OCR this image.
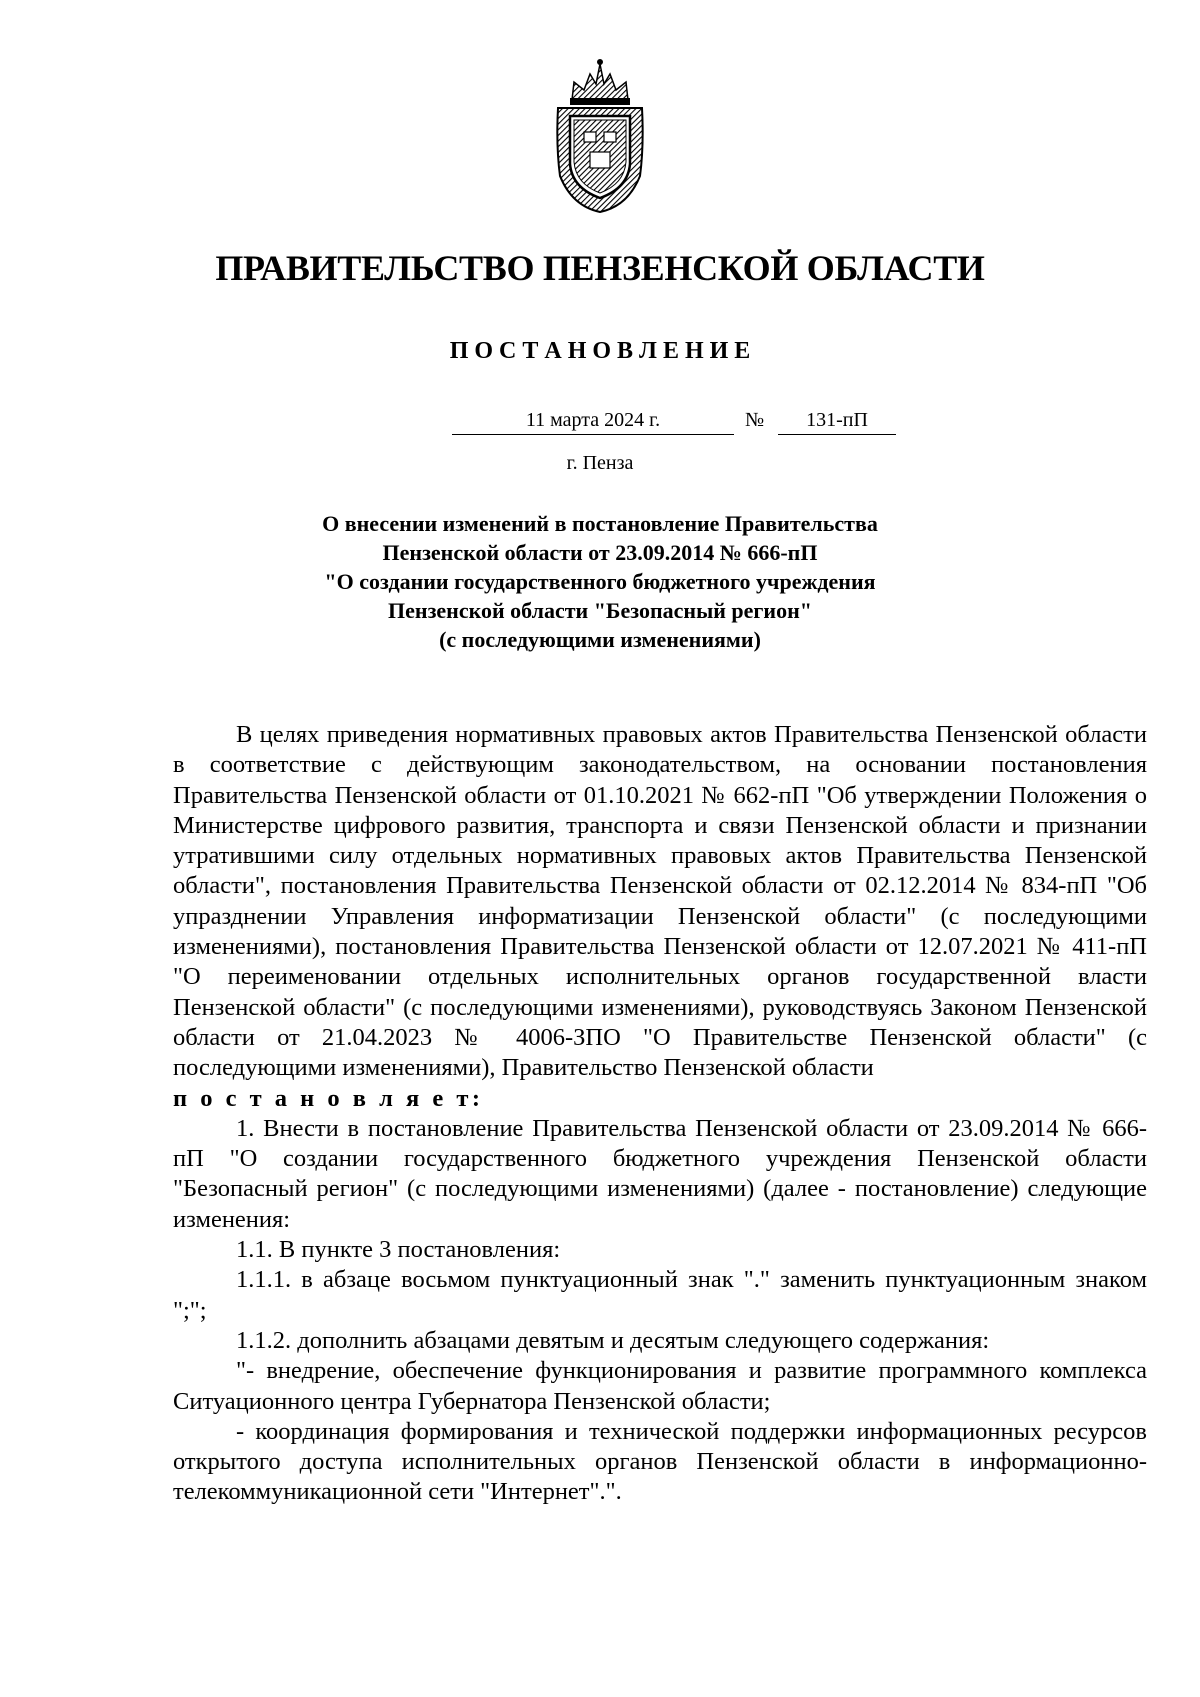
ПРАВИТЕЛЬСТВО ПЕНЗЕНСКОЙ ОБЛАСТИ
П О С Т А Н О В Л Е Н И Е
11 марта 2024 г.	№	131-пП
г. Пенза
О внесении изменений в постановление Правительства
Пензенской области от 23.09.2014 № 666-пП
"О создании государственного бюджетного учреждения
Пензенской области "Безопасный регион"
(с последующими изменениями)

В целях приведения нормативных правовых актов Правительства Пензенской области в соответствие с действующим законодательством, на основании постановления Правительства Пензенской области от 01.10.2021 № 662-пП "Об утверждении Положения о Министерстве цифрового развития, транспорта и связи Пензенской области и признании утратившими силу отдельных нормативных правовых актов Правительства Пензенской области", постановления Правительства Пензенской области от 02.12.2014 № 834-пП "Об упразднении Управления информатизации Пензенской области" (с последующими изменениями), постановления Правительства Пензенской области от 12.07.2021 № 411-пП "О переименовании отдельных исполнительных органов государственной власти Пензенской области" (с последующими изменениями), руководствуясь Законом Пензенской области от 21.04.2023 № 4006-ЗПО "О Правительстве Пензенской области" (с последующими изменениями), Правительство Пензенской области

п о с т а н о в л я е т:

1. Внести в постановление Правительства Пензенской области от 23.09.2014 № 666-пП "О создании государственного бюджетного учреждения Пензенской области "Безопасный регион" (с последующими изменениями) (далее - постановление) следующие изменения:

1.1. В пункте 3 постановления:

1.1.1. в абзаце восьмом пунктуационный знак "." заменить пунктуационным знаком ";";

1.1.2. дополнить абзацами девятым и десятым следующего содержания:

"- внедрение, обеспечение функционирования и развитие программного комплекса Ситуационного центра Губернатора Пензенской области;

- координация формирования и технической поддержки информационных ресурсов открытого доступа исполнительных органов Пензенской области в информационно-телекоммуникационной сети "Интернет".".
